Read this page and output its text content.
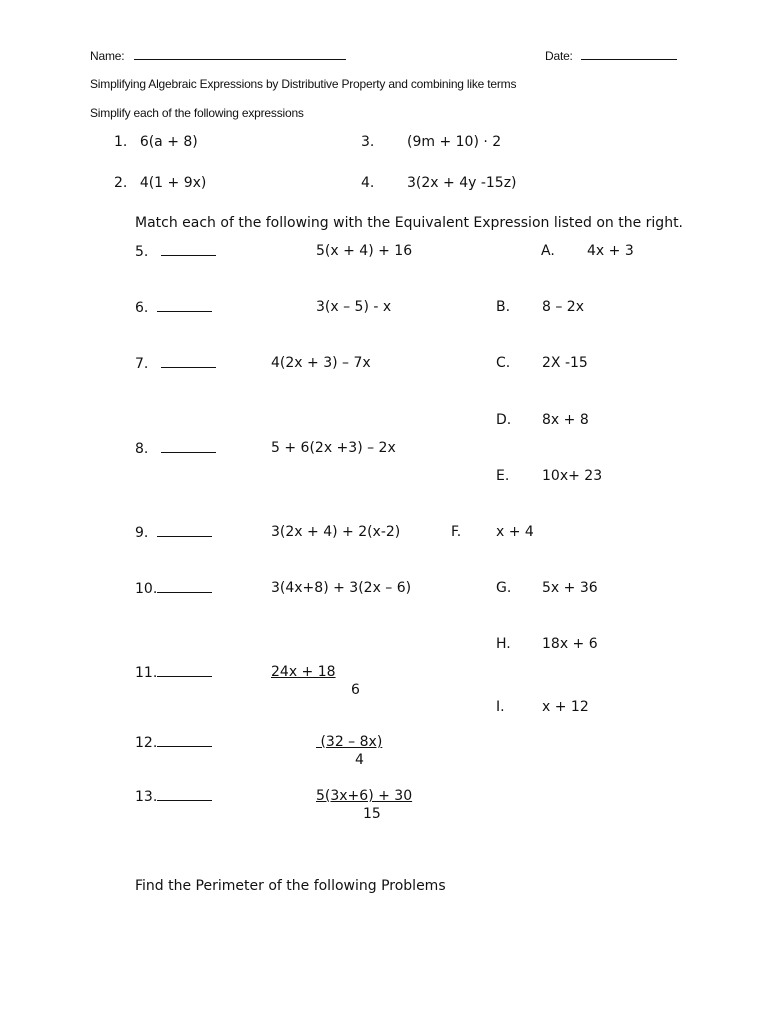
Name:	Date:
Simplifying Algebraic Expressions by Distributive Property and combining like terms
Simplify each of the following expressions
1. 6(a + 8)
2. 4(1 + 9x)
3. (9m + 10) · 2
4. 3(2x + 4y -15z)
Match each of the following with the Equivalent Expression listed on the right.
5.	5(x + 4) + 16
6.	3(x – 5) - x
7.	4(2x + 3) – 7x
8.	5 + 6(2x +3) – 2x
9.	3(2x + 4) + 2(x-2)
10.	3(4x+8) + 3(2x – 6)
11.	24x + 18
6
12.	(32 – 8x)
4
13.	5(3x+6) + 30
15
A. 4x + 3
B. 8 – 2x
C. 2X -15
D. 8x + 8
E. 10x+ 23
F. x + 4
G. 5x + 36
H. 18x + 6
I.	x + 12
Find the Perimeter of the following Problems
